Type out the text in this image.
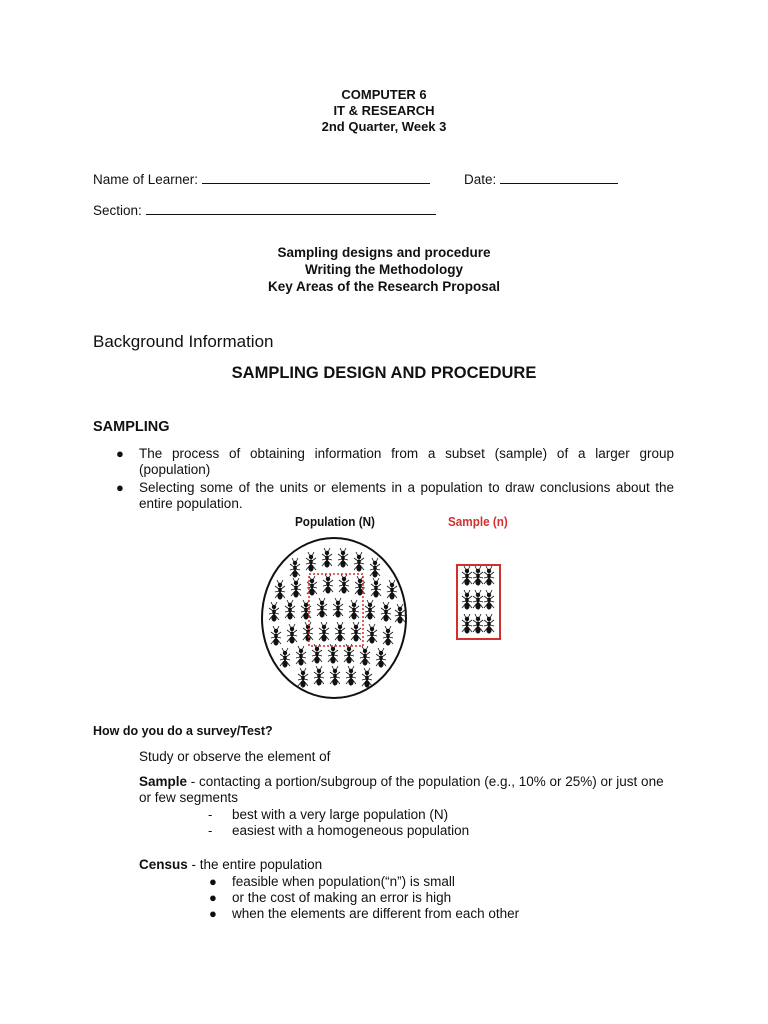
COMPUTER 6
IT & RESEARCH
2nd Quarter, Week 3
Name of Learner:	Date:
Section:
Sampling designs and procedure
Writing the Methodology
Key Areas of the Research Proposal
Background Information
SAMPLING DESIGN AND PROCEDURE
SAMPLING
● The process of obtaining information from a subset (sample) of a larger group (population)
● Selecting some of the units or elements in a population to draw conclusions about the entire population.
Population (N)	Sample (n)
How do you do a survey/Test?
Study or observe the element of
Sample - contacting a portion/subgroup of the population (e.g., 10% or 25%) or just one or few segments
- best with a very large population (N)
- easiest with a homogeneous population
Census - the entire population
● feasible when population(“n”) is small
● or the cost of making an error is high
● when the elements are different from each other
